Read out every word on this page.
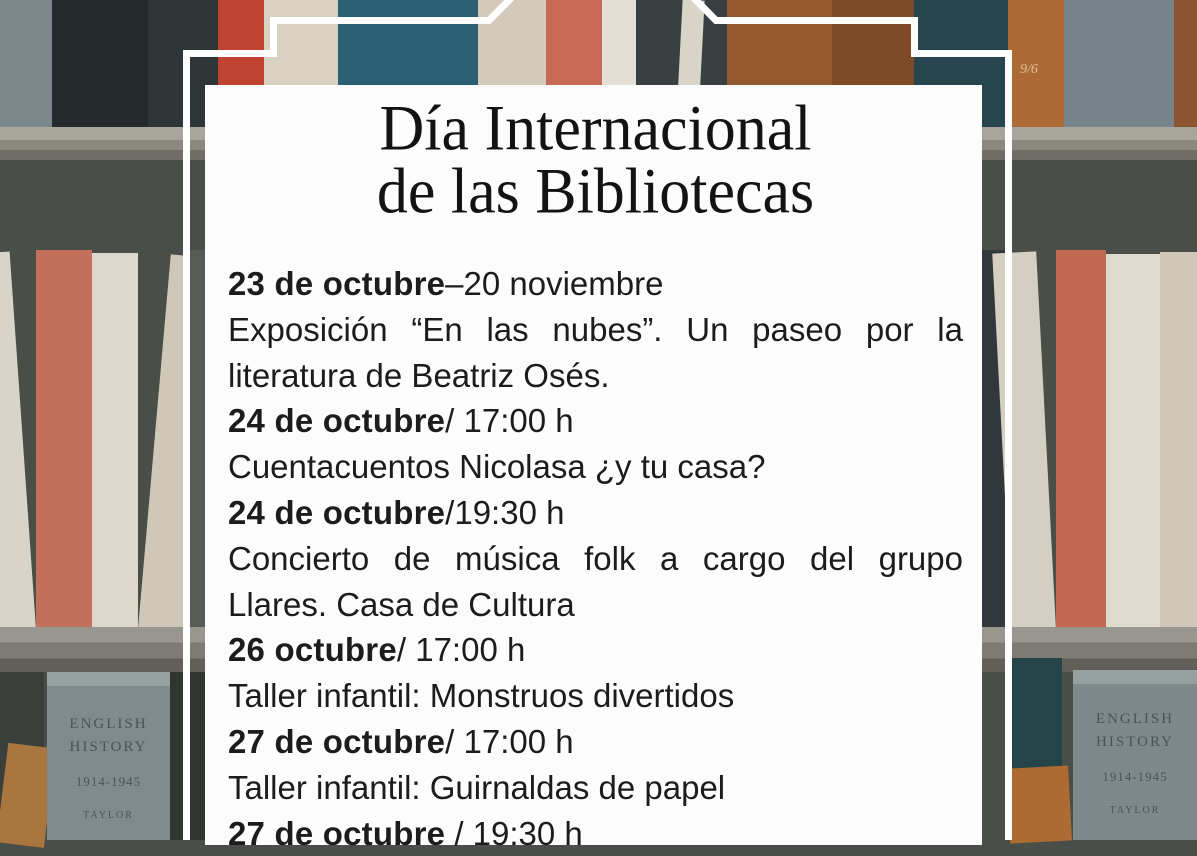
9/6
ENGLISH
HISTORY
1914-1945
TAYLOR
ENGLISH
HISTORY
1914-1945
TAYLOR
Día Internacional
de las Bibliotecas

23 de octubre–20 noviembre
Exposición “En las nubes”. Un paseo por la literatura de Beatriz Osés.

24 de octubre/ 17:00 h
Cuentacuentos Nicolasa ¿y tu casa?

24 de octubre/19:30 h
Concierto de música folk a cargo del grupo Llares. Casa de Cultura

26 octubre/ 17:00 h
Taller infantil: Monstruos divertidos

27 de octubre/ 17:00 h
Taller infantil: Guirnaldas de papel

27 de octubre / 19:30 h
